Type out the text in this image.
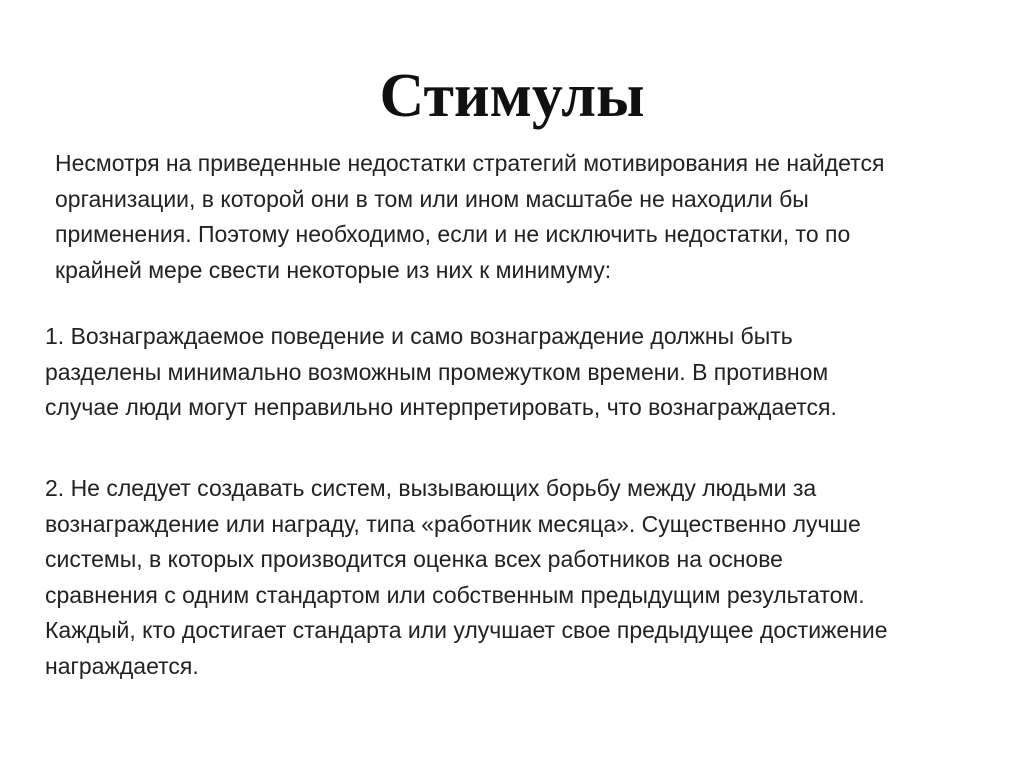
Стимулы

Несмотря на приведенные недостатки стратегий мотивирования не найдется
организации, в которой они в том или ином масштабе не находили бы
применения. Поэтому необходимо, если и не исключить недостатки, то по
крайней мере свести некоторые из них к минимуму:

1. Вознаграждаемое поведение и само вознаграждение должны быть
разделены минимально возможным промежутком времени. В противном
случае люди могут неправильно интерпретировать, что вознаграждается.

2. Не следует создавать систем, вызывающих борьбу между людьми за
вознаграждение или награду, типа «работник месяца». Существенно лучше
системы, в которых производится оценка всех работников на основе
сравнения с одним стандартом или собственным предыдущим результатом.
Каждый, кто достигает стандарта или улучшает свое предыдущее достижение
награждается.
